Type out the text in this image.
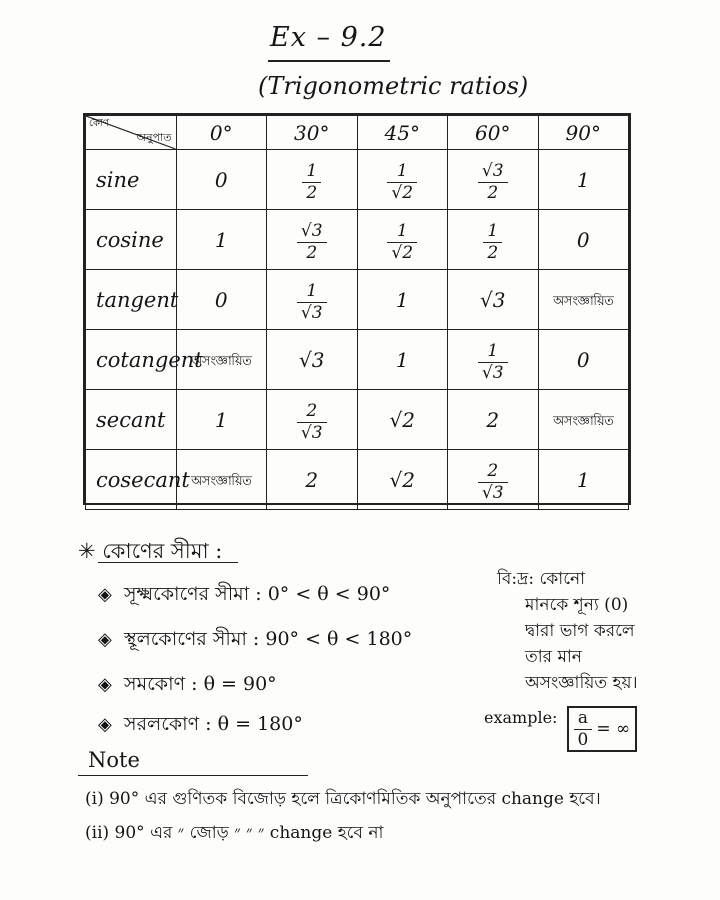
Ex – 9.2
(Trigonometric ratios)
কোণ
অনুপাত	0°	30°	45°	60°	90°
sine	0	$\frac{1}{2}$	$\frac{1}{√2}$	$\frac{√3}{2}$	1
cosine	1	$\frac{√3}{2}$	$\frac{1}{√2}$	$\frac{1}{2}$	0
tangent	0	$\frac{1}{√3}$	1	√3	অসংজ্ঞায়িত
cotangent	অসংজ্ঞায়িত	√3	1	$\frac{1}{√3}$	0
secant	1	$\frac{2}{√3}$	√2	2	অসংজ্ঞায়িত
cosecant	অসংজ্ঞায়িত	2	√2	$\frac{2}{√3}$	1
✳ কোণের সীমা :
◈ সূক্ষ্মকোণের সীমা : 0° < θ < 90°
◈ স্থূলকোণের সীমা : 90° < θ < 180°
◈ সমকোণ : θ = 90°
◈ সরলকোণ : θ = 180°
বি:দ্র: কোনো
মানকে শূন্য (0)
দ্বারা ভাগ করলে
তার মান
অসংজ্ঞায়িত হয়।
example: $\frac{a}{0}$ = ∞
Note
(i) 90° এর গুণিতক বিজোড় হলে ত্রিকোণমিতিক অনুপাতের change হবে।
(ii) 90° এর ״ জোড় ״ ״ ״ change হবে না
